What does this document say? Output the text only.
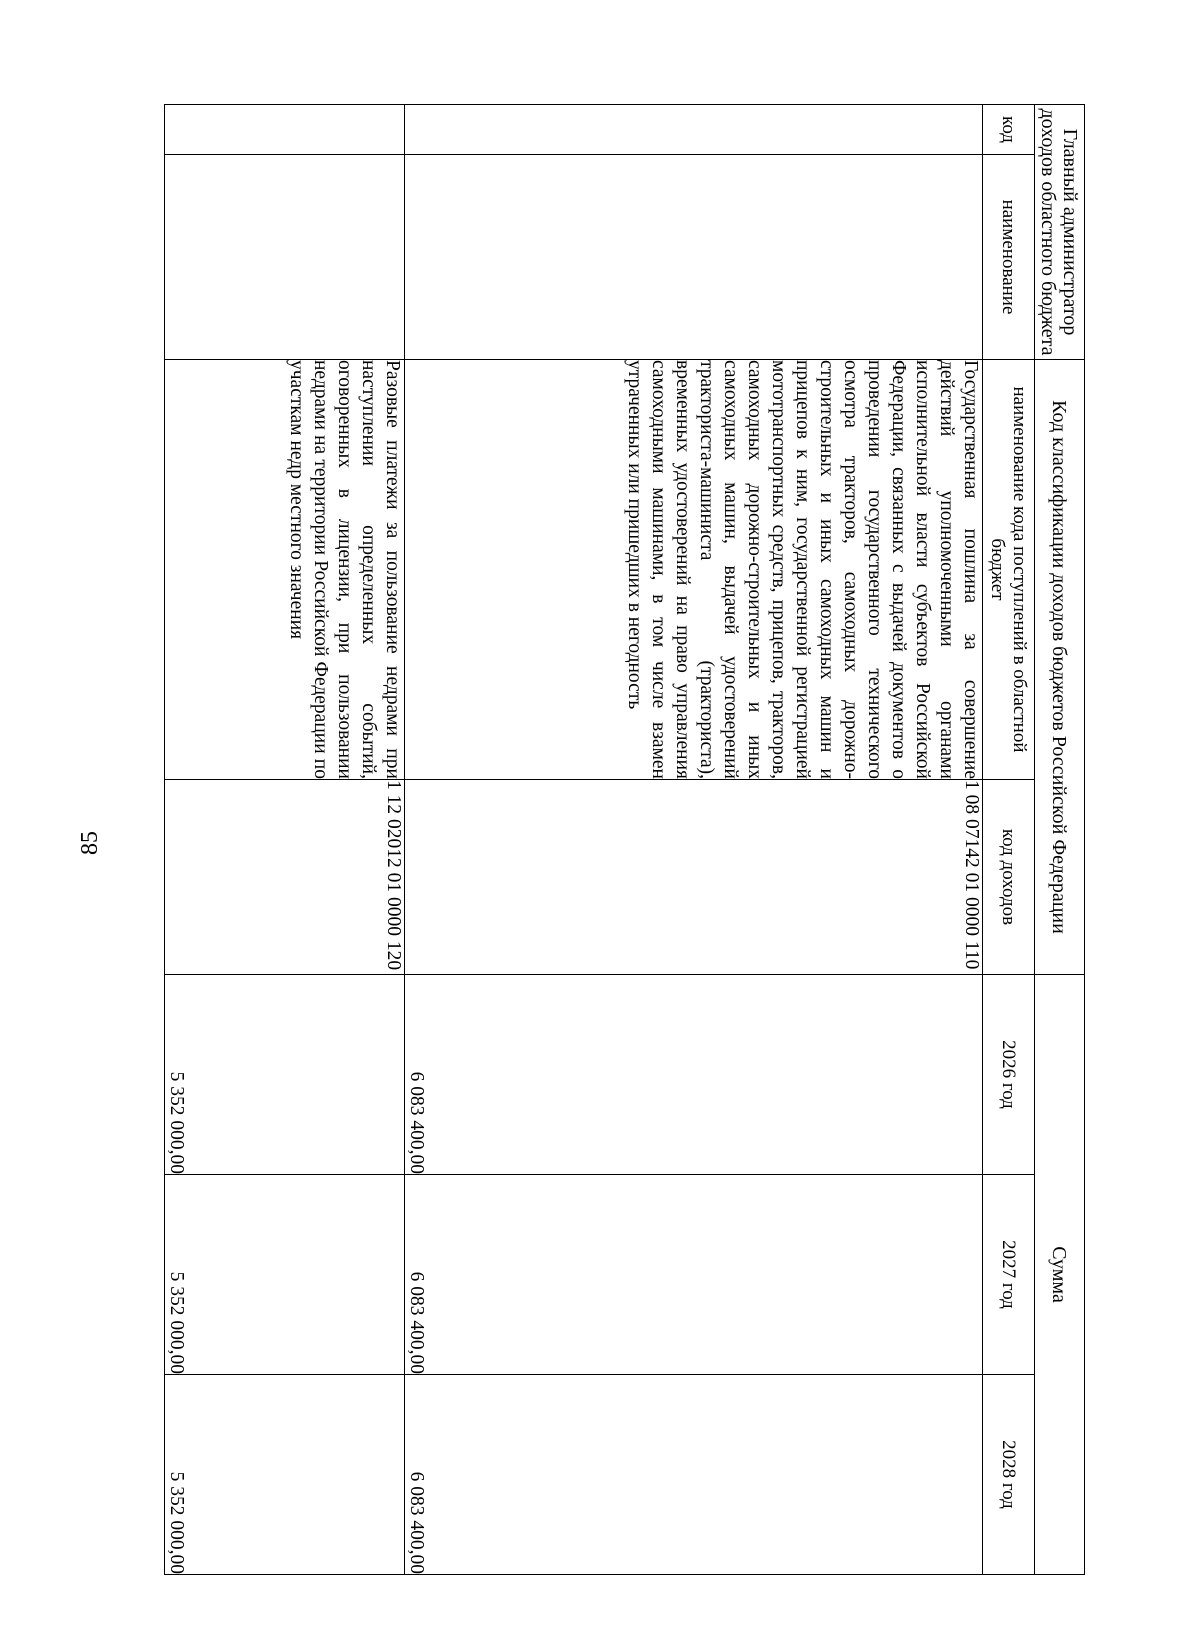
85
Главный администратор доходов областного бюджета		Код классификации доходов бюджетов Российской Федерации		Сумма		
код	наименование	наименование кода поступлений в областной бюджет	код доходов	2026 год	2027 год	2028 год
		Государственная пошлина за совершение действий уполномоченными органами исполнительной власти субъектов Российской Федерации, связанных с выдачей документов о проведении государственного технического осмотра тракторов, самоходных дорожно-строительных и иных самоходных машин и прицепов к ним, государственной регистрацией мототранспортных средств, прицепов, тракторов, самоходных дорожно-строительных и иных самоходных машин, выдачей удостоверений тракториста-машиниста (тракториста), временных удостоверений на право управления самоходными машинами, в том числе взамен утраченных или пришедших в негодность	1 08 07142 01 0000 110	6 083 400,00	6 083 400,00	6 083 400,00
		Разовые платежи за пользование недрами при наступлении определенных событий, оговоренных в лицензии, при пользовании недрами на территории Российской Федерации по участкам недр местного значения	1 12 02012 01 0000 120	5 352 000,00	5 352 000,00	5 352 000,00
